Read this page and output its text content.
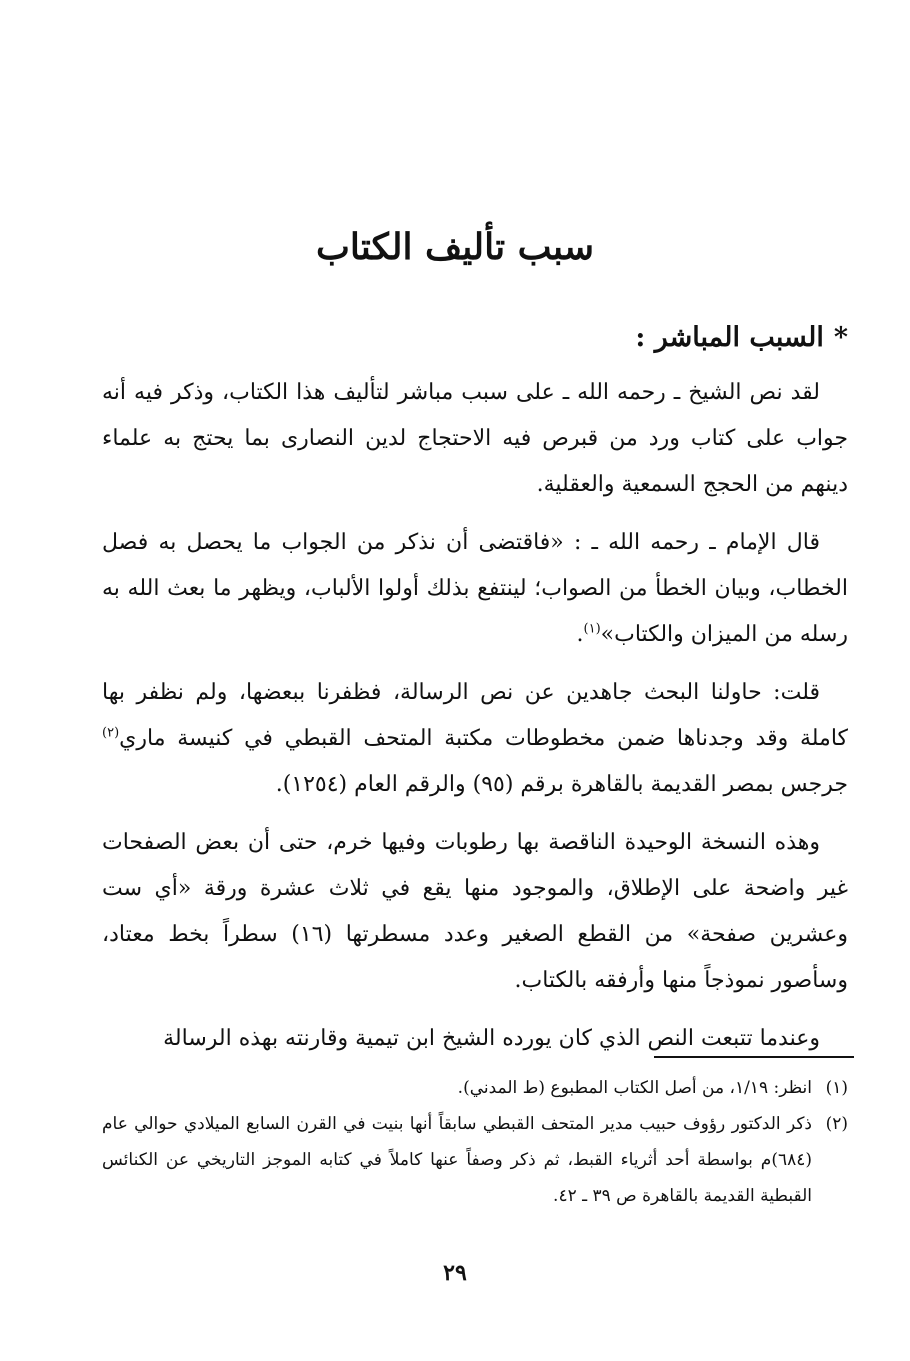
سبب تأليف الكتاب
*السبب المباشر :

لقد نص الشيخ ـ رحمه الله ـ على سبب مباشر لتأليف هذا الكتاب، وذكر فيه أنه جواب على كتاب ورد من قبرص فيه الاحتجاج لدين النصارى بما يحتج به علماء دينهم من الحجج السمعية والعقلية.

قال الإمام ـ رحمه الله ـ : «فاقتضى أن نذكر من الجواب ما يحصل به فصل الخطاب، وبيان الخطأ من الصواب؛ لينتفع بذلك أولوا الألباب، ويظهر ما بعث الله به رسله من الميزان والكتاب»$^{(١)}$.

قلت: حاولنا البحث جاهدين عن نص الرسالة، فظفرنا ببعضها، ولم نظفر بها كاملة وقد وجدناها ضمن مخطوطات مكتبة المتحف القبطي في كنيسة ماري$^{(٢)}$ جرجس بمصر القديمة بالقاهرة برقم (٩٥) والرقم العام (١٢٥٤).

وهذه النسخة الوحيدة الناقصة بها رطوبات وفيها خرم، حتى أن بعض الصفحات غير واضحة على الإطلاق، والموجود منها يقع في ثلاث عشرة ورقة «أي ست وعشرين صفحة» من القطع الصغير وعدد مسطرتها (١٦) سطراً بخط معتاد، وسأصور نموذجاً منها وأرفقه بالكتاب.

وعندما تتبعت النص الذي كان يورده الشيخ ابن تيمية وقارنته بهذه الرسالة

(١)
انظر: ١/١٩، من أصل الكتاب المطبوع (ط المدني).
(٢)
ذكر الدكتور رؤوف حبيب مدير المتحف القبطي سابقاً أنها بنيت في القرن السابع الميلادي حوالي عام (٦٨٤)م بواسطة أحد أثرياء القبط، ثم ذكر وصفاً عنها كاملاً في كتابه الموجز التاريخي عن الكنائس القبطية القديمة بالقاهرة ص ٣٩ ـ ٤٢.
٢٩
